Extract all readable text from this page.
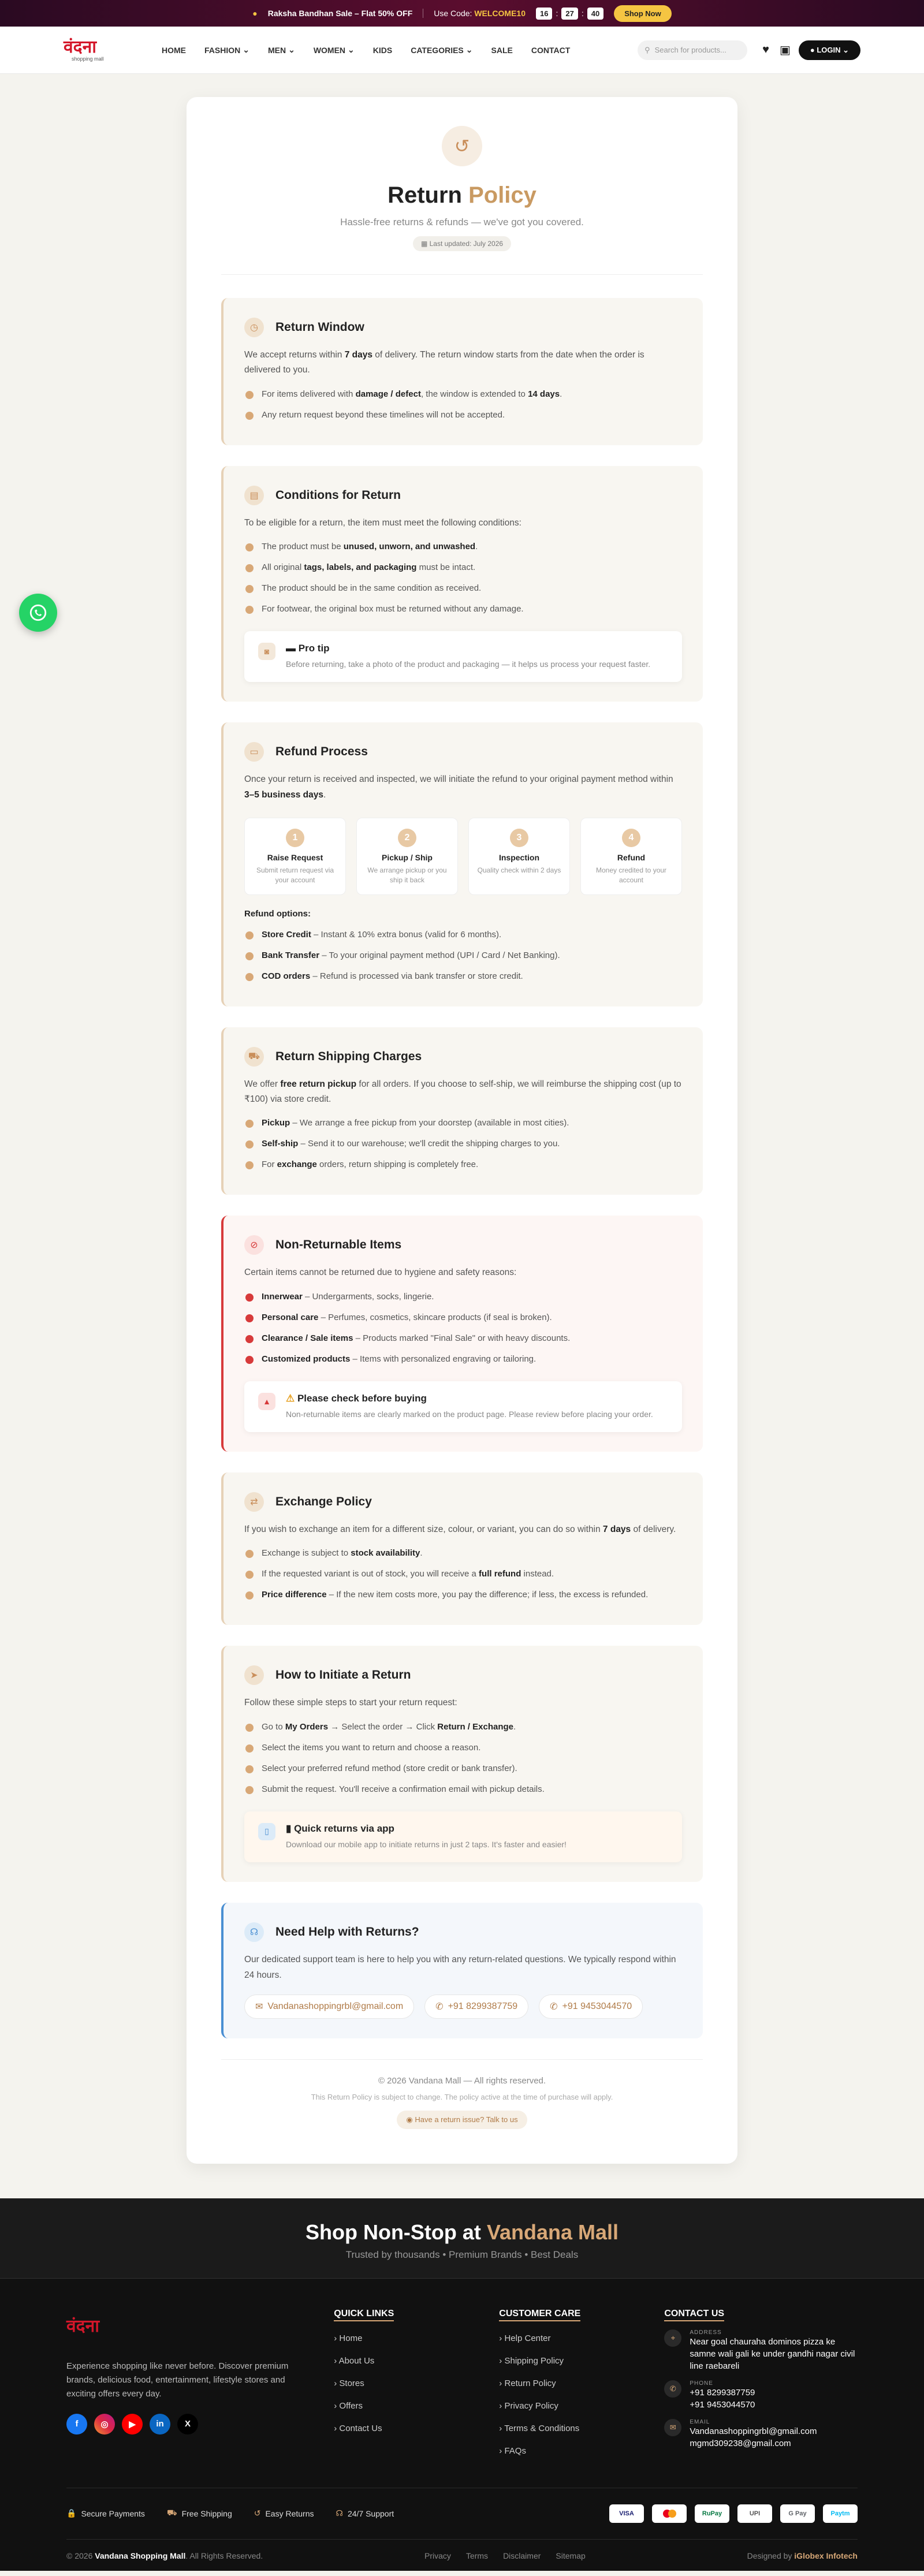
● Raksha Bandhan Sale – Flat 50% OFF	Use Code: WELCOME10	16 :	27 :	40	Shop Now
वंदना
shopping mall
HOME FASHION ⌄ MEN ⌄ WOMEN ⌄ KIDS CATEGORIES ⌄ SALE CONTACT	⚲ Search for products...	♥ ▣	● LOGIN ⌄
↺
Return Policy
Hassle-free returns & refunds — we've got you covered.
▦ Last updated: July 2026
◷	Return Window

We accept returns within 7 days of delivery. The return window starts from the date when the order is delivered to you.

For items delivered with damage / defect, the window is extended to 14 days.
Any return request beyond these timelines will not be accepted.
▤	Conditions for Return

To be eligible for a return, the item must meet the following conditions:

The product must be unused, unworn, and unwashed.
All original tags, labels, and packaging must be intact.
The product should be in the same condition as received.
For footwear, the original box must be returned without any damage.
◙	▬ Pro tip

Before returning, take a photo of the product and packaging — it helps us process your request faster.

▭	Refund Process

Once your return is received and inspected, we will initiate the refund to your original payment method within 3–5 business days.

1
Raise Request

Submit return request via your account

2
Pickup / Ship

We arrange pickup or you ship it back

3
Inspection

Quality check within 2 days

4
Refund

Money credited to your account

Refund options:
Store Credit – Instant & 10% extra bonus (valid for 6 months).
Bank Transfer – To your original payment method (UPI / Card / Net Banking).
COD orders – Refund is processed via bank transfer or store credit.
⛟	Return Shipping Charges

We offer free return pickup for all orders. If you choose to self-ship, we will reimburse the shipping cost (up to ₹100) via store credit.

Pickup – We arrange a free pickup from your doorstep (available in most cities).
Self-ship – Send it to our warehouse; we'll credit the shipping charges to you.
For exchange orders, return shipping is completely free.
⊘	Non-Returnable Items

Certain items cannot be returned due to hygiene and safety reasons:

Innerwear – Undergarments, socks, lingerie.
Personal care – Perfumes, cosmetics, skincare products (if seal is broken).
Clearance / Sale items – Products marked "Final Sale" or with heavy discounts.
Customized products – Items with personalized engraving or tailoring.
▲	⚠ Please check before buying

Non-returnable items are clearly marked on the product page. Please review before placing your order.

⇄	Exchange Policy

If you wish to exchange an item for a different size, colour, or variant, you can do so within 7 days of delivery.

Exchange is subject to stock availability.
If the requested variant is out of stock, you will receive a full refund instead.
Price difference – If the new item costs more, you pay the difference; if less, the excess is refunded.
➤	How to Initiate a Return

Follow these simple steps to start your return request:

Go to My Orders → Select the order → Click Return / Exchange.
Select the items you want to return and choose a reason.
Select your preferred refund method (store credit or bank transfer).
Submit the request. You'll receive a confirmation email with pickup details.
▯	▮ Quick returns via app

Download our mobile app to initiate returns in just 2 taps. It's faster and easier!

☊	Need Help with Returns?

Our dedicated support team is here to help you with any return-related questions. We typically respond within 24 hours.

✉ Vandanashoppingrbl@gmail.com	✆ +91 8299387759	✆ +91 9453044570
© 2026 Vandana Mall — All rights reserved.
This Return Policy is subject to change. The policy active at the time of purchase will apply.
◉ Have a return issue? Talk to us
Shop Non-Stop at Vandana Mall

Trusted by thousands • Premium Brands • Best Deals

वंदना

Experience shopping like never before. Discover premium brands, delicious food, entertainment, lifestyle stores and exciting offers every day.

f	◎	▶	in	X
QUICK LINKS
› Home
› About Us
› Stores
› Offers
› Contact Us
CUSTOMER CARE
› Help Center
› Shipping Policy
› Return Policy
› Privacy Policy
› Terms & Conditions
› FAQs
CONTACT US
⌖
ADDRESS
Near goal chauraha dominos pizza ke samne wali gali ke under gandhi nagar civil line raebareli
✆
PHONE
+91 8299387759
+91 9453044570
✉
EMAIL
Vandanashoppingrbl@gmail.com
mgmd309238@gmail.com
🔒 Secure Payments	⛟ Free Shipping	↺ Easy Returns	☊ 24/7 Support	VISA	RuPay	UPI	G Pay	Paytm
© 2026 Vandana Shopping Mall. All Rights Reserved.	Privacy Terms Disclaimer Sitemap	Designed by iGlobex Infotech
